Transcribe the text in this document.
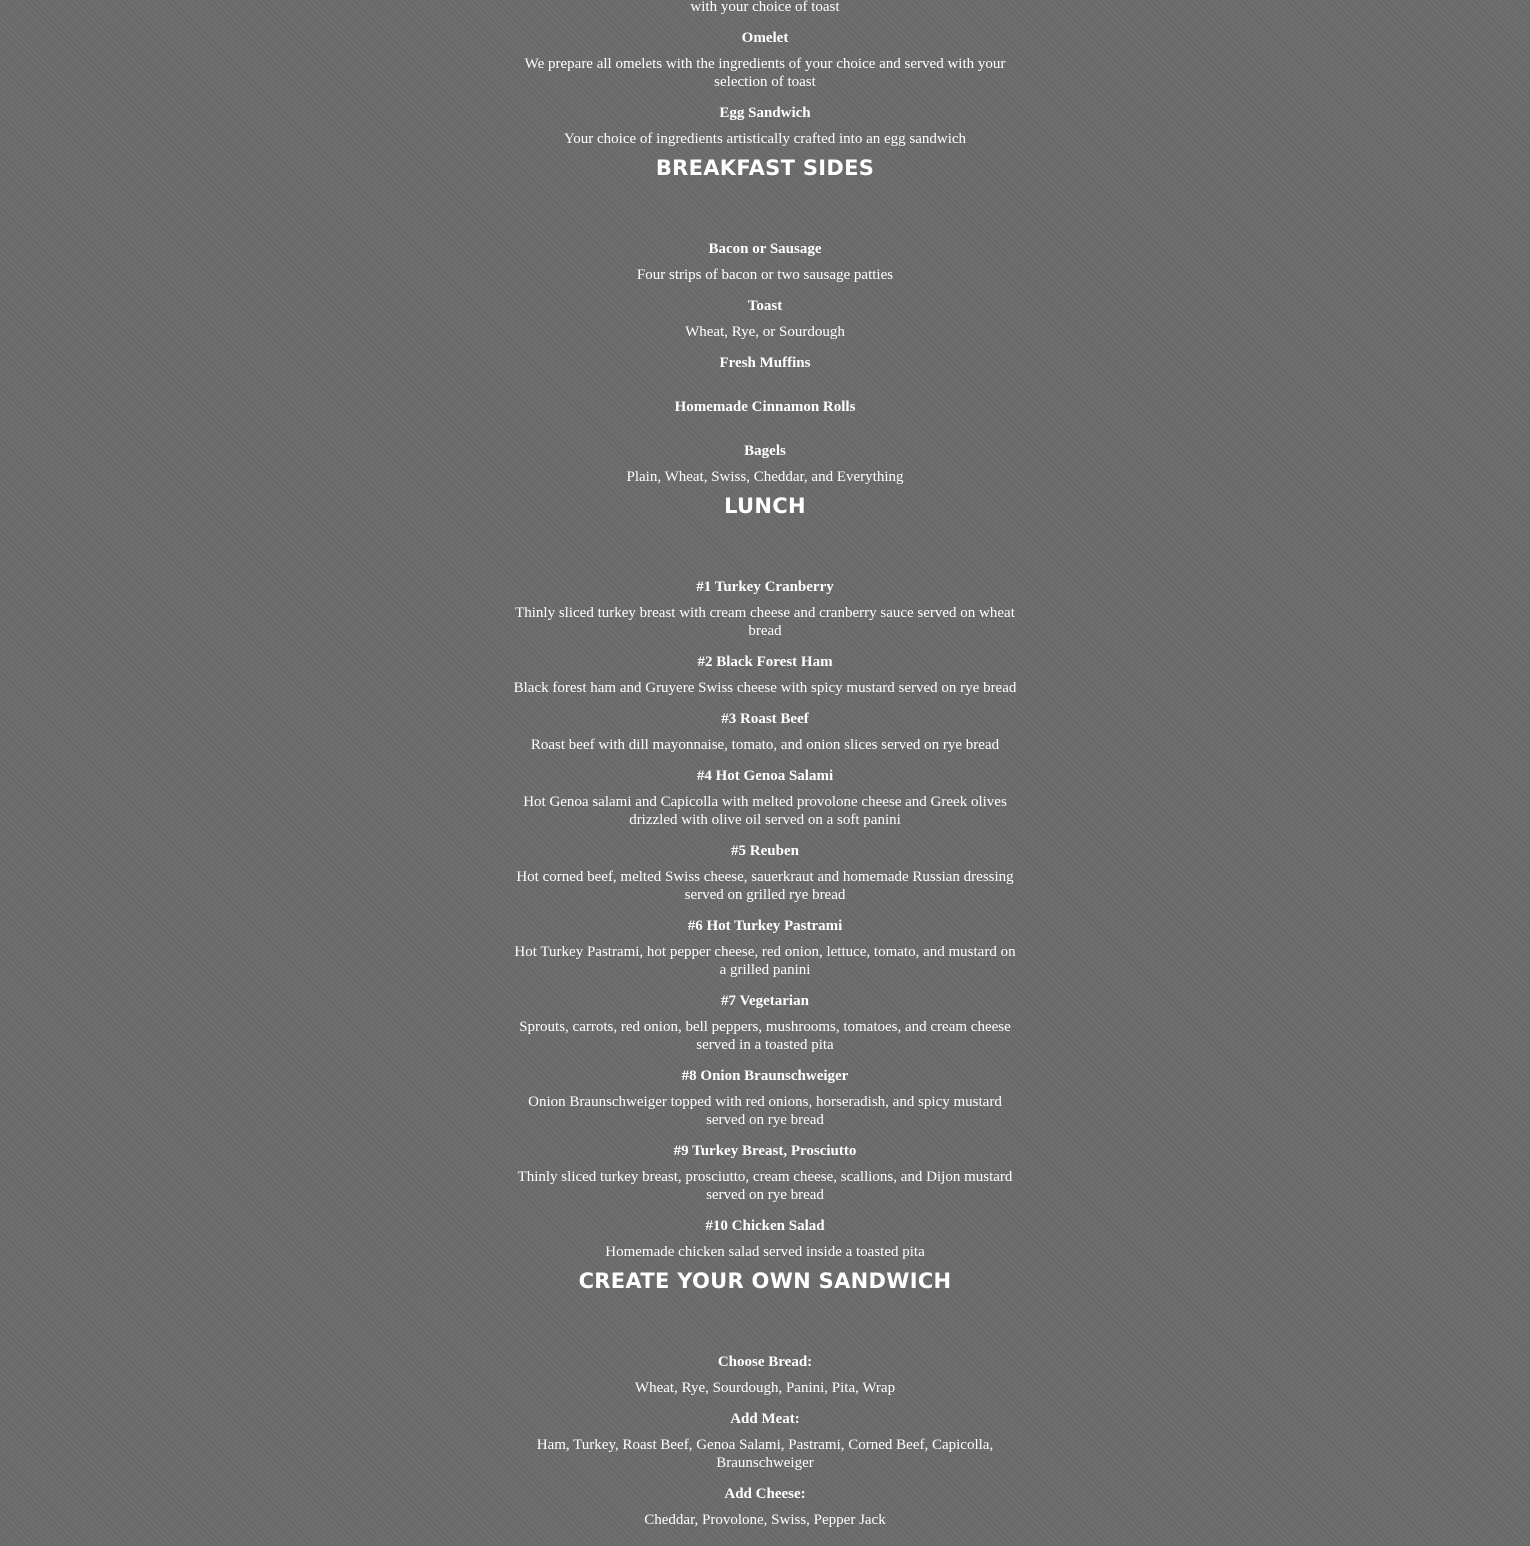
with your choice of toast

Omelet

We prepare all omelets with the ingredients of your choice and served with your selection of toast

Egg Sandwich

Your choice of ingredients artistically crafted into an egg sandwich

BREAKFAST SIDES

Bacon or Sausage

Four strips of bacon or two sausage patties

Toast

Wheat, Rye, or Sourdough

Fresh Muffins

Homemade Cinnamon Rolls

Bagels

Plain, Wheat, Swiss, Cheddar, and Everything

LUNCH

#1 Turkey Cranberry

Thinly sliced turkey breast with cream cheese and cranberry sauce served on wheat bread

#2 Black Forest Ham

Black forest ham and Gruyere Swiss cheese with spicy mustard served on rye bread

#3 Roast Beef

Roast beef with dill mayonnaise, tomato, and onion slices served on rye bread

#4 Hot Genoa Salami

Hot Genoa salami and Capicolla with melted provolone cheese and Greek olives drizzled with olive oil served on a soft panini

#5 Reuben

Hot corned beef, melted Swiss cheese, sauerkraut and homemade Russian dressing served on grilled rye bread

#6 Hot Turkey Pastrami

Hot Turkey Pastrami, hot pepper cheese, red onion, lettuce, tomato, and mustard on a grilled panini

#7 Vegetarian

Sprouts, carrots, red onion, bell peppers, mushrooms, tomatoes, and cream cheese served in a toasted pita

#8 Onion Braunschweiger

Onion Braunschweiger topped with red onions, horseradish, and spicy mustard served on rye bread

#9 Turkey Breast, Prosciutto

Thinly sliced turkey breast, prosciutto, cream cheese, scallions, and Dijon mustard served on rye bread

#10 Chicken Salad

Homemade chicken salad served inside a toasted pita

CREATE YOUR OWN SANDWICH

Choose Bread:

Wheat, Rye, Sourdough, Panini, Pita, Wrap

Add Meat:

Ham, Turkey, Roast Beef, Genoa Salami, Pastrami, Corned Beef, Capicolla, Braunschweiger

Add Cheese:

Cheddar, Provolone, Swiss, Pepper Jack
